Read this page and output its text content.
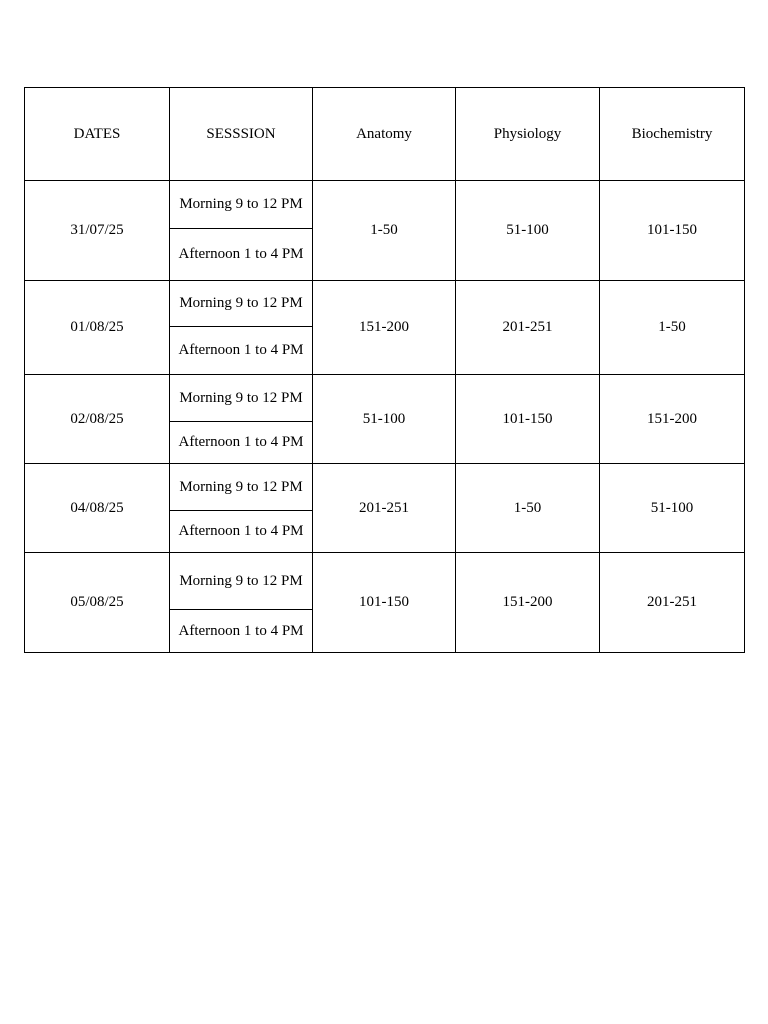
DATES	SESSSION	Anatomy	Physiology	Biochemistry
31/07/25	Morning 9 to 12 PM	1-50	51-100	101-150
	Afternoon 1 to 4 PM			
01/08/25	Morning 9 to 12 PM	151-200	201-251	1-50
	Afternoon 1 to 4 PM			
02/08/25	Morning 9 to 12 PM	51-100	101-150	151-200
	Afternoon 1 to 4 PM			
04/08/25	Morning 9 to 12 PM	201-251	1-50	51-100
	Afternoon 1 to 4 PM			
05/08/25	Morning 9 to 12 PM	101-150	151-200	201-251
	Afternoon 1 to 4 PM			
